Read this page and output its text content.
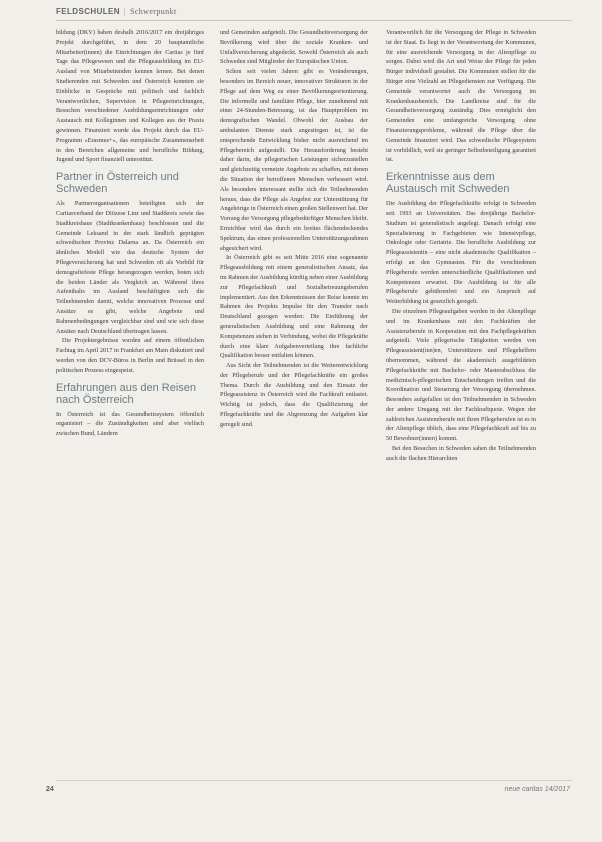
FELDSCHULEN | Schwerpunkt

bildung (DKV) haben deshalb 2016/2017 ein dreijähriges Projekt durchgeführt, in dem 20 hauptamtliche Mitarbeiter(innen) die Einrichtungen der Caritas je fünf Tage das Pflegewesen und die Pflegeausbildung im EU-Ausland von Mitarbeitenden kennen lernen. Bei denen Studierenden mit Schweden und Österreich konnten sie Einblicke in Gespräche mit politisch und fachlich Verantwortlichen, Supervision in Pflegeeinrichtungen, Besuchen verschiedener Ausbildungseinrichtungen oder Austausch mit Kolleginnen und Kollegen aus der Praxis gewinnen. Finanziert wurde das Projekt durch das EU-Programm »Erasmus+«, das europäische Zusammenarbeit in den Bereichen allgemeine und berufliche Bildung, Jugend und Sport finanziell unterstützt.

Partner in Österreich und Schweden

Als Partnerorganisationen beteiligten sich der Caritasverband der Diözese Linz und Stadtkreis sowie das Stadtkreishaus (Stadtkrankenhaus) beschlossen und die Gemeinde Leksand in der stark ländlich geprägten schwedischen Provinz Dalarna an. Da Österreich ein ähnliches Modell wie das deutsche System der Pflegeversicherung hat und Schweden oft als Vorbild für demografiefeste Pflege herangezogen werden, boten sich die beiden Länder als Vergleich an. Während ihres Aufenthalts im Ausland beschäftigten sich die Teilnehmenden damit, welche innovativen Prozesse und Ansätze es gibt, welche Angebote und Rahmenbedingungen vergleichbar sind und wie sich diese Ansätze nach Deutschland übertragen lassen.

Die Projektergebnisse wurden auf einem öffentlichen Fachtag im April 2017 in Frankfurt am Main diskutiert und werden von den DCV-Büros in Berlin und Brüssel in den politischen Prozess eingespeist.

Erfahrungen aus den Reisen nach Österreich

In Österreich ist das Gesundheitssystem öffentlich organisiert – die Zuständigkeiten sind aber vielfach zwischen Bund, Ländern

und Gemeinden aufgeteilt. Die Gesundheitsversorgung der Bevölkerung wird über die soziale Kranken- und Unfallversicherung abgedeckt. Sowohl Österreich als auch Schweden sind Mitglieder der Europäischen Union.

Schon seit vielen Jahren gibt es Veränderungen, besonders im Bereich neuer, innovativer Strukturen in der Pflege auf dem Weg zu einer Bevölkerungsorientierung. Die informelle und familiäre Pflege, hier zunehmend mit einer 24-Stunden-Betreuung, ist das Hauptproblem im demografischen Wandel. Obwohl der Ausbau der ambulanten Dienste stark angestiegen ist, ist die entsprechende Entwicklung bisher nicht ausreichend im Pflegebereich aufgestellt. Die Herausforderung besteht daher darin, die pflegerischen Leistungen sicherzustellen und gleichzeitig vernetzte Angebote zu schaffen, mit denen die Situation der betroffenen Menschen verbessert wird. Als besonders interessant stellte sich die Teilnehmenden heraus, dass die Pflege als Angebot zur Unterstützung für Angehörige in Österreich einen großen Stellenwert hat. Der Vorrang der Versorgung pflegebedürftiger Menschen bleibt. Erreichbar wird das durch ein breites flächendeckendes Spektrum, das einen professionellen Unterstützungsrahmen abgesichert wird.

In Österreich gibt es seit Mitte 2016 eine sogenannte Pflegeausbildung mit einem generalistischen Ansatz, das im Rahmen der Ausbildung künftig neben einer Ausbildung zur Pflegefachkraft und Sozialbetreuungsberufen implementiert. Aus den Erkenntnissen der Reise konnte im Rahmen des Projekts Impulse für den Transfer nach Deutschland gezogen werden: Die Einführung der generalistischen Ausbildung und eine Rahmung der Kompetenzen stehen in Verbindung, wobei die Pflegekräfte durch eine klare Aufgabenverteilung ihre fachliche Qualifikation besser entfalten können.

Aus Sicht der Teilnehmenden ist die Weiterentwicklung der Pflegeberufe und der Pflegefachkräfte ein großes Thema. Durch die Ausbildung und den Einsatz der Pflegeassistenz in Österreich wird die Fachkraft entlastet. Wichtig ist jedoch, dass die Qualifizierung der Pflegefachkräfte und die Abgrenzung der Aufgaben klar geregelt sind.

Verantwortlich für die Versorgung der Pflege in Schweden ist der Staat. Es liegt in der Verantwortung der Kommunen, für eine ausreichende Versorgung in der Altenpflege zu sorgen. Dabei wird die Art und Weise der Pflege für jeden Bürger individuell gestaltet. Die Kommunen stellen für die Bürger eine Vielzahl an Pflegediensten zur Verfügung. Die Gemeinde verantwortet auch die Versorgung im Krankenhausbereich. Die Landkreise sind für die Gesundheitsversorgung zuständig. Dies ermöglicht den Gemeinden eine umfangreiche Versorgung ohne Finanzierungsprobleme, während die Pflege über die Gemeinde finanziert wird. Das schwedische Pflegesystem ist vorbildlich, weil sie geringer Selbstbeteiligung garantiert ist.

Erkenntnisse aus dem Austausch mit Schweden

Die Ausbildung der Pflegefachkräfte erfolgt in Schweden seit 1993 an Universitäten. Das dreijährige Bachelor-Studium ist generalistisch angelegt. Danach erfolgt eine Spezialisierung in Fachgebieten wie Intensivpflege, Onkologie oder Geriatrie. Die berufliche Ausbildung zur Pflegeassistentin – eine nicht akademische Qualifikation – erfolgt an den Gymnasien. Für die verschiedenen Pflegeberufe werden unterschiedliche Qualifikationen und Kompetenzen erwartet. Die Ausbildung ist für alle Pflegeberufe gebührenfrei und ein Anspruch auf Weiterbildung ist gesetzlich geregelt.

Die einzelnen Pflegeaufgaben werden in der Altenpflege und im Krankenhaus mit den Fachkräften der Assistenzberufe in Kooperation mit den Fachpflegekräften aufgeteilt. Viele pflegerische Tätigkeiten werden von Pflegeassistent(inn)en, Unterstützern und Pflegehelfern übernommen, während die akademisch ausgebildeten Pflegefachkräfte mit Bachelor- oder Masterabschluss die medizinisch-pflegerischen Entscheidungen treffen und die Koordination und Steuerung der Versorgung übernehmen. Besonders aufgefallen ist den Teilnehmenden in Schweden der andere Umgang mit der Fachkraftquote. Wegen der zahlreichen Assistenzberufe mit ihren Pflegeberufen ist es in der Altenpflege üblich, dass eine Pflegefachkraft auf bis zu 50 Bewohner(innen) kommt.

Bei den Besuchen in Schweden sahen die Teilnehmenden auch die flachen Hierarchien

24	neue caritas 14/2017
